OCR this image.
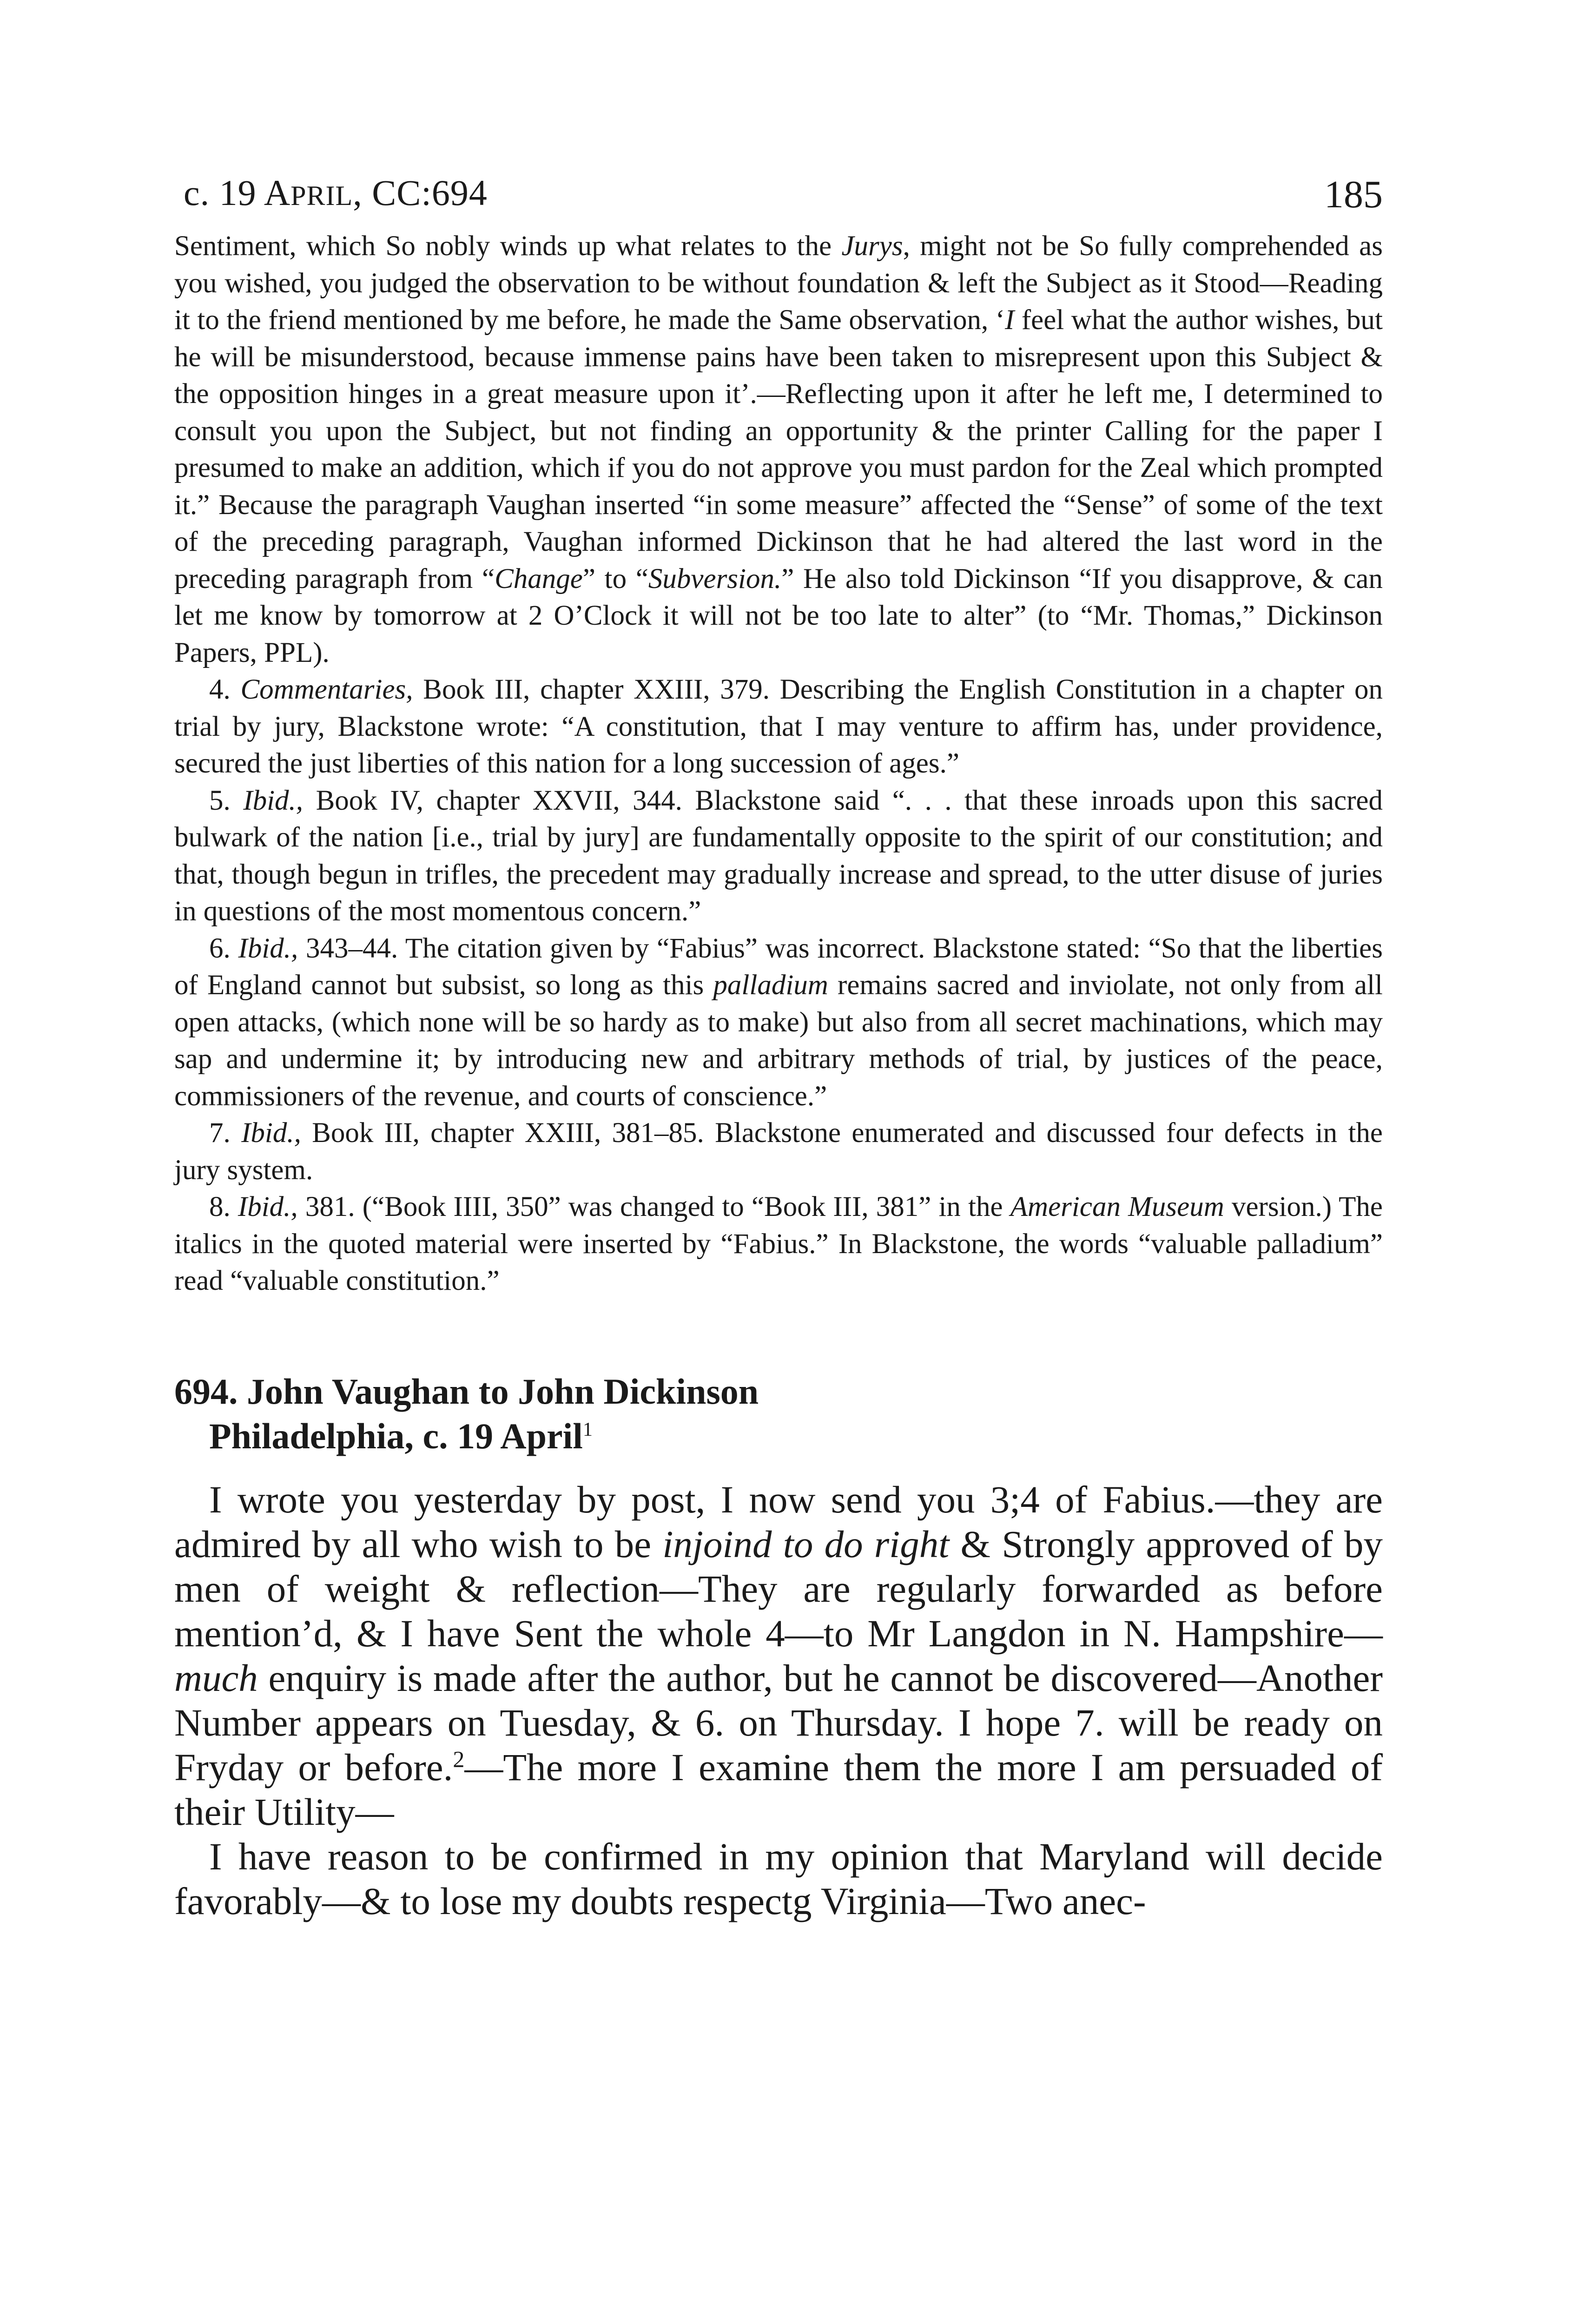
c. 19 APRIL, CC:694	185

Sentiment, which So nobly winds up what relates to the Jurys, might not be So fully comprehended as you wished, you judged the observation to be without foundation & left the Subject as it Stood—Reading it to the friend mentioned by me before, he made the Same observation, ‘I feel what the author wishes, but he will be misunderstood, because immense pains have been taken to misrepresent upon this Subject & the opposition hinges in a great measure upon it’.—Reflecting upon it after he left me, I determined to consult you upon the Subject, but not finding an opportunity & the printer Calling for the paper I presumed to make an addition, which if you do not approve you must pardon for the Zeal which prompted it.” Because the paragraph Vaughan inserted “in some measure” affected the “Sense” of some of the text of the preceding paragraph, Vaughan informed Dickinson that he had altered the last word in the preceding paragraph from “Change” to “Subversion.” He also told Dickinson “If you disapprove, & can let me know by tomorrow at 2 O’Clock it will not be too late to alter” (to “Mr. Thomas,” Dickinson Papers, PPL).

4. Commentaries, Book III, chapter XXIII, 379. Describing the English Constitution in a chapter on trial by jury, Blackstone wrote: “A constitution, that I may venture to affirm has, under providence, secured the just liberties of this nation for a long succession of ages.”

5. Ibid., Book IV, chapter XXVII, 344. Blackstone said “. . . that these inroads upon this sacred bulwark of the nation [i.e., trial by jury] are fundamentally opposite to the spirit of our constitution; and that, though begun in trifles, the precedent may gradually increase and spread, to the utter disuse of juries in questions of the most momentous concern.”

6. Ibid., 343–44. The citation given by “Fabius” was incorrect. Blackstone stated: “So that the liberties of England cannot but subsist, so long as this palladium remains sacred and inviolate, not only from all open attacks, (which none will be so hardy as to make) but also from all secret machinations, which may sap and undermine it; by introducing new and arbitrary methods of trial, by justices of the peace, commissioners of the revenue, and courts of conscience.”

7. Ibid., Book III, chapter XXIII, 381–85. Blackstone enumerated and discussed four defects in the jury system.

8. Ibid., 381. (“Book IIII, 350” was changed to “Book III, 381” in the American Museum version.) The italics in the quoted material were inserted by “Fabius.” In Blackstone, the words “valuable palladium” read “valuable constitution.”

694. John Vaughan to John Dickinson
Philadelphia, c. 19 April$^1$

I wrote you yesterday by post, I now send you 3;4 of Fabius.—they are admired by all who wish to be injoind to do right & Strongly approved of by men of weight & reflection—They are regularly forwarded as before mention’d, & I have Sent the whole 4—to Mr Langdon in N. Hampshire—much enquiry is made after the author, but he cannot be discovered—Another Number appears on Tuesday, & 6. on Thursday. I hope 7. will be ready on Fryday or before.$^2$—The more I examine them the more I am persuaded of their Utility—

I have reason to be confirmed in my opinion that Maryland will decide favorably—& to lose my doubts respectg Virginia—Two anec-
